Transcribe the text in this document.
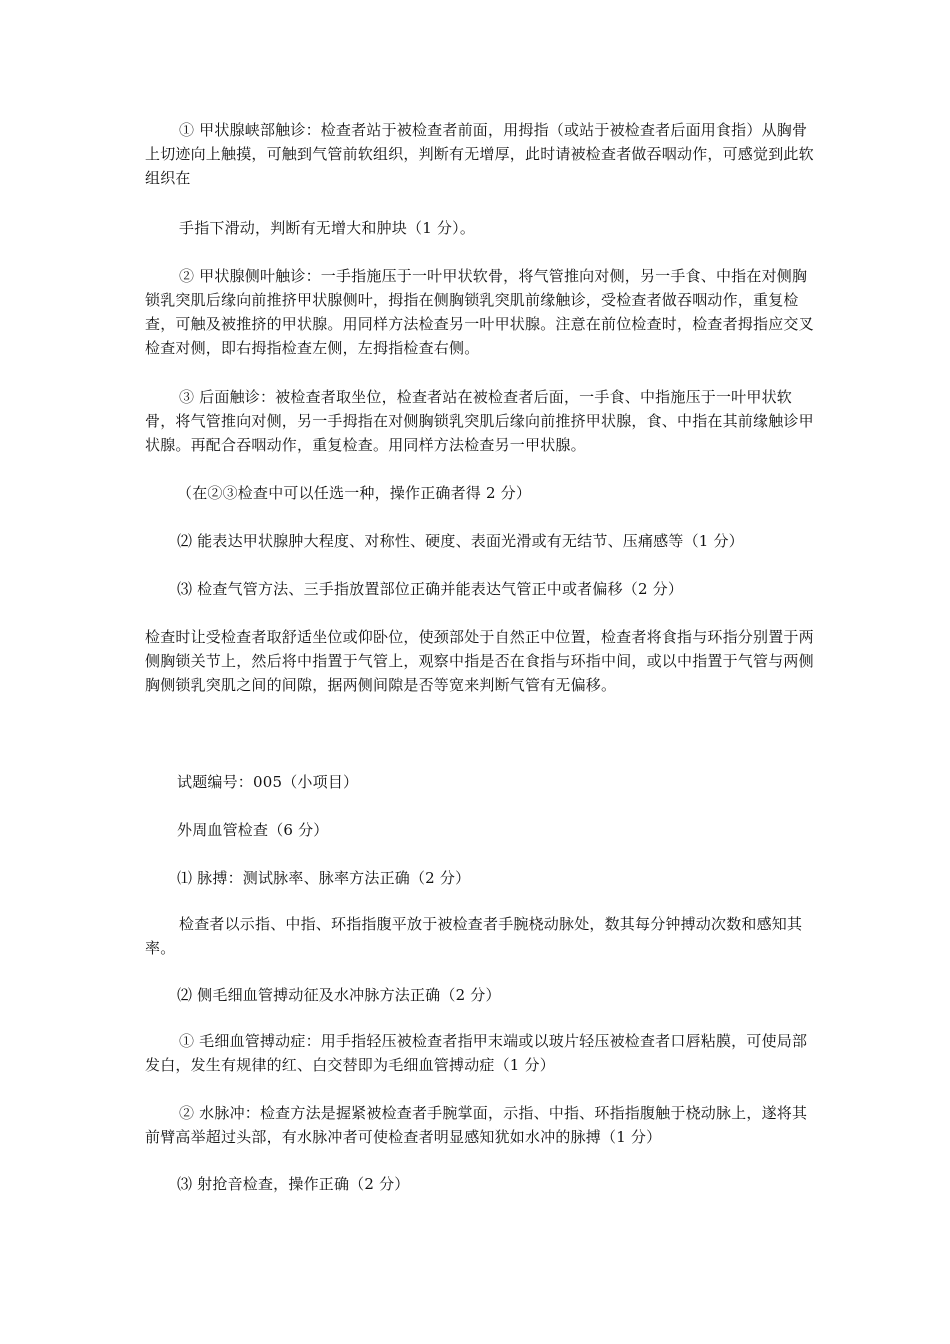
① 甲状腺峡部触诊：检查者站于被检查者前面，用拇指（或站于被检查者后面用食指）从胸骨上切迹向上触摸，可触到气管前软组织，判断有无增厚，此时请被检查者做吞咽动作，可感觉到此软组织在

手指下滑动，判断有无增大和肿块（1 分）。

② 甲状腺侧叶触诊：一手指施压于一叶甲状软骨，将气管推向对侧，另一手食、中指在对侧胸锁乳突肌后缘向前推挤甲状腺侧叶，拇指在侧胸锁乳突肌前缘触诊，受检查者做吞咽动作，重复检查，可触及被推挤的甲状腺。用同样方法检查另一叶甲状腺。注意在前位检查时，检查者拇指应交叉检查对侧，即右拇指检查左侧，左拇指检查右侧。

③ 后面触诊：被检查者取坐位，检查者站在被检查者后面，一手食、中指施压于一叶甲状软骨，将气管推向对侧，另一手拇指在对侧胸锁乳突肌后缘向前推挤甲状腺，食、中指在其前缘触诊甲状腺。再配合吞咽动作，重复检查。用同样方法检查另一甲状腺。

（在②③检查中可以任选一种，操作正确者得 2 分）

⑵ 能表达甲状腺肿大程度、对称性、硬度、表面光滑或有无结节、压痛感等（1 分）

⑶ 检查气管方法、三手指放置部位正确并能表达气管正中或者偏移（2 分）

检查时让受检查者取舒适坐位或仰卧位，使颈部处于自然正中位置，检查者将食指与环指分别置于两侧胸锁关节上，然后将中指置于气管上，观察中指是否在食指与环指中间，或以中指置于气管与两侧胸侧锁乳突肌之间的间隙，据两侧间隙是否等宽来判断气管有无偏移。

试题编号：005（小项目）

外周血管检查（6 分）

⑴ 脉搏：测试脉率、脉率方法正确（2 分）

检查者以示指、中指、环指指腹平放于被检查者手腕桡动脉处，数其每分钟搏动次数和感知其率。

⑵ 侧毛细血管搏动征及水冲脉方法正确（2 分）

① 毛细血管搏动症：用手指轻压被检查者指甲末端或以玻片轻压被检查者口唇粘膜，可使局部发白，发生有规律的红、白交替即为毛细血管搏动症（1 分）

② 水脉冲：检查方法是握紧被检查者手腕掌面，示指、中指、环指指腹触于桡动脉上，遂将其前臂高举超过头部，有水脉冲者可使检查者明显感知犹如水冲的脉搏（1 分）

⑶ 射抢音检查，操作正确（2 分）
